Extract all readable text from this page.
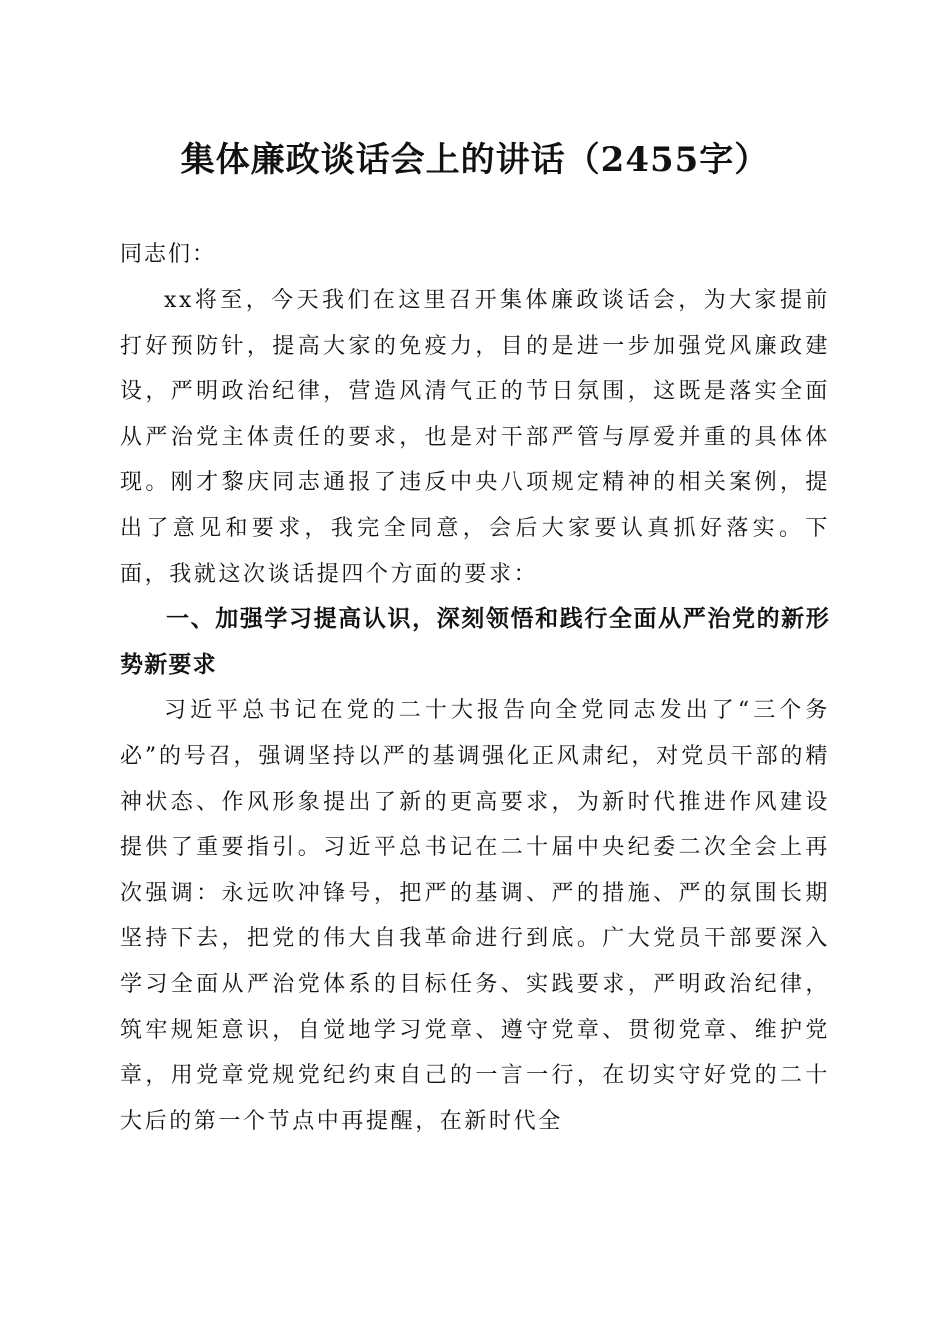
集体廉政谈话会上的讲话（2455字）

同志们：

xx将至，今天我们在这里召开集体廉政谈话会，为大家提前打好预防针，提高大家的免疫力，目的是进一步加强党风廉政建设，严明政治纪律，营造风清气正的节日氛围，这既是落实全面从严治党主体责任的要求，也是对干部严管与厚爱并重的具体体现。刚才黎庆同志通报了违反中央八项规定精神的相关案例，提出了意见和要求，我完全同意，会后大家要认真抓好落实。下面，我就这次谈话提四个方面的要求：

一、加强学习提高认识，深刻领悟和践行全面从严治党的新形势新要求

习近平总书记在党的二十大报告向全党同志发出了“三个务必”的号召，强调坚持以严的基调强化正风肃纪，对党员干部的精神状态、作风形象提出了新的更高要求，为新时代推进作风建设提供了重要指引。习近平总书记在二十届中央纪委二次全会上再次强调：永远吹冲锋号，把严的基调、严的措施、严的氛围长期坚持下去，把党的伟大自我革命进行到底。广大党员干部要深入学习全面从严治党体系的目标任务、实践要求，严明政治纪律，筑牢规矩意识，自觉地学习党章、遵守党章、贯彻党章、维护党章，用党章党规党纪约束自己的一言一行，在切实守好党的二十大后的第一个节点中再提醒，在新时代全
